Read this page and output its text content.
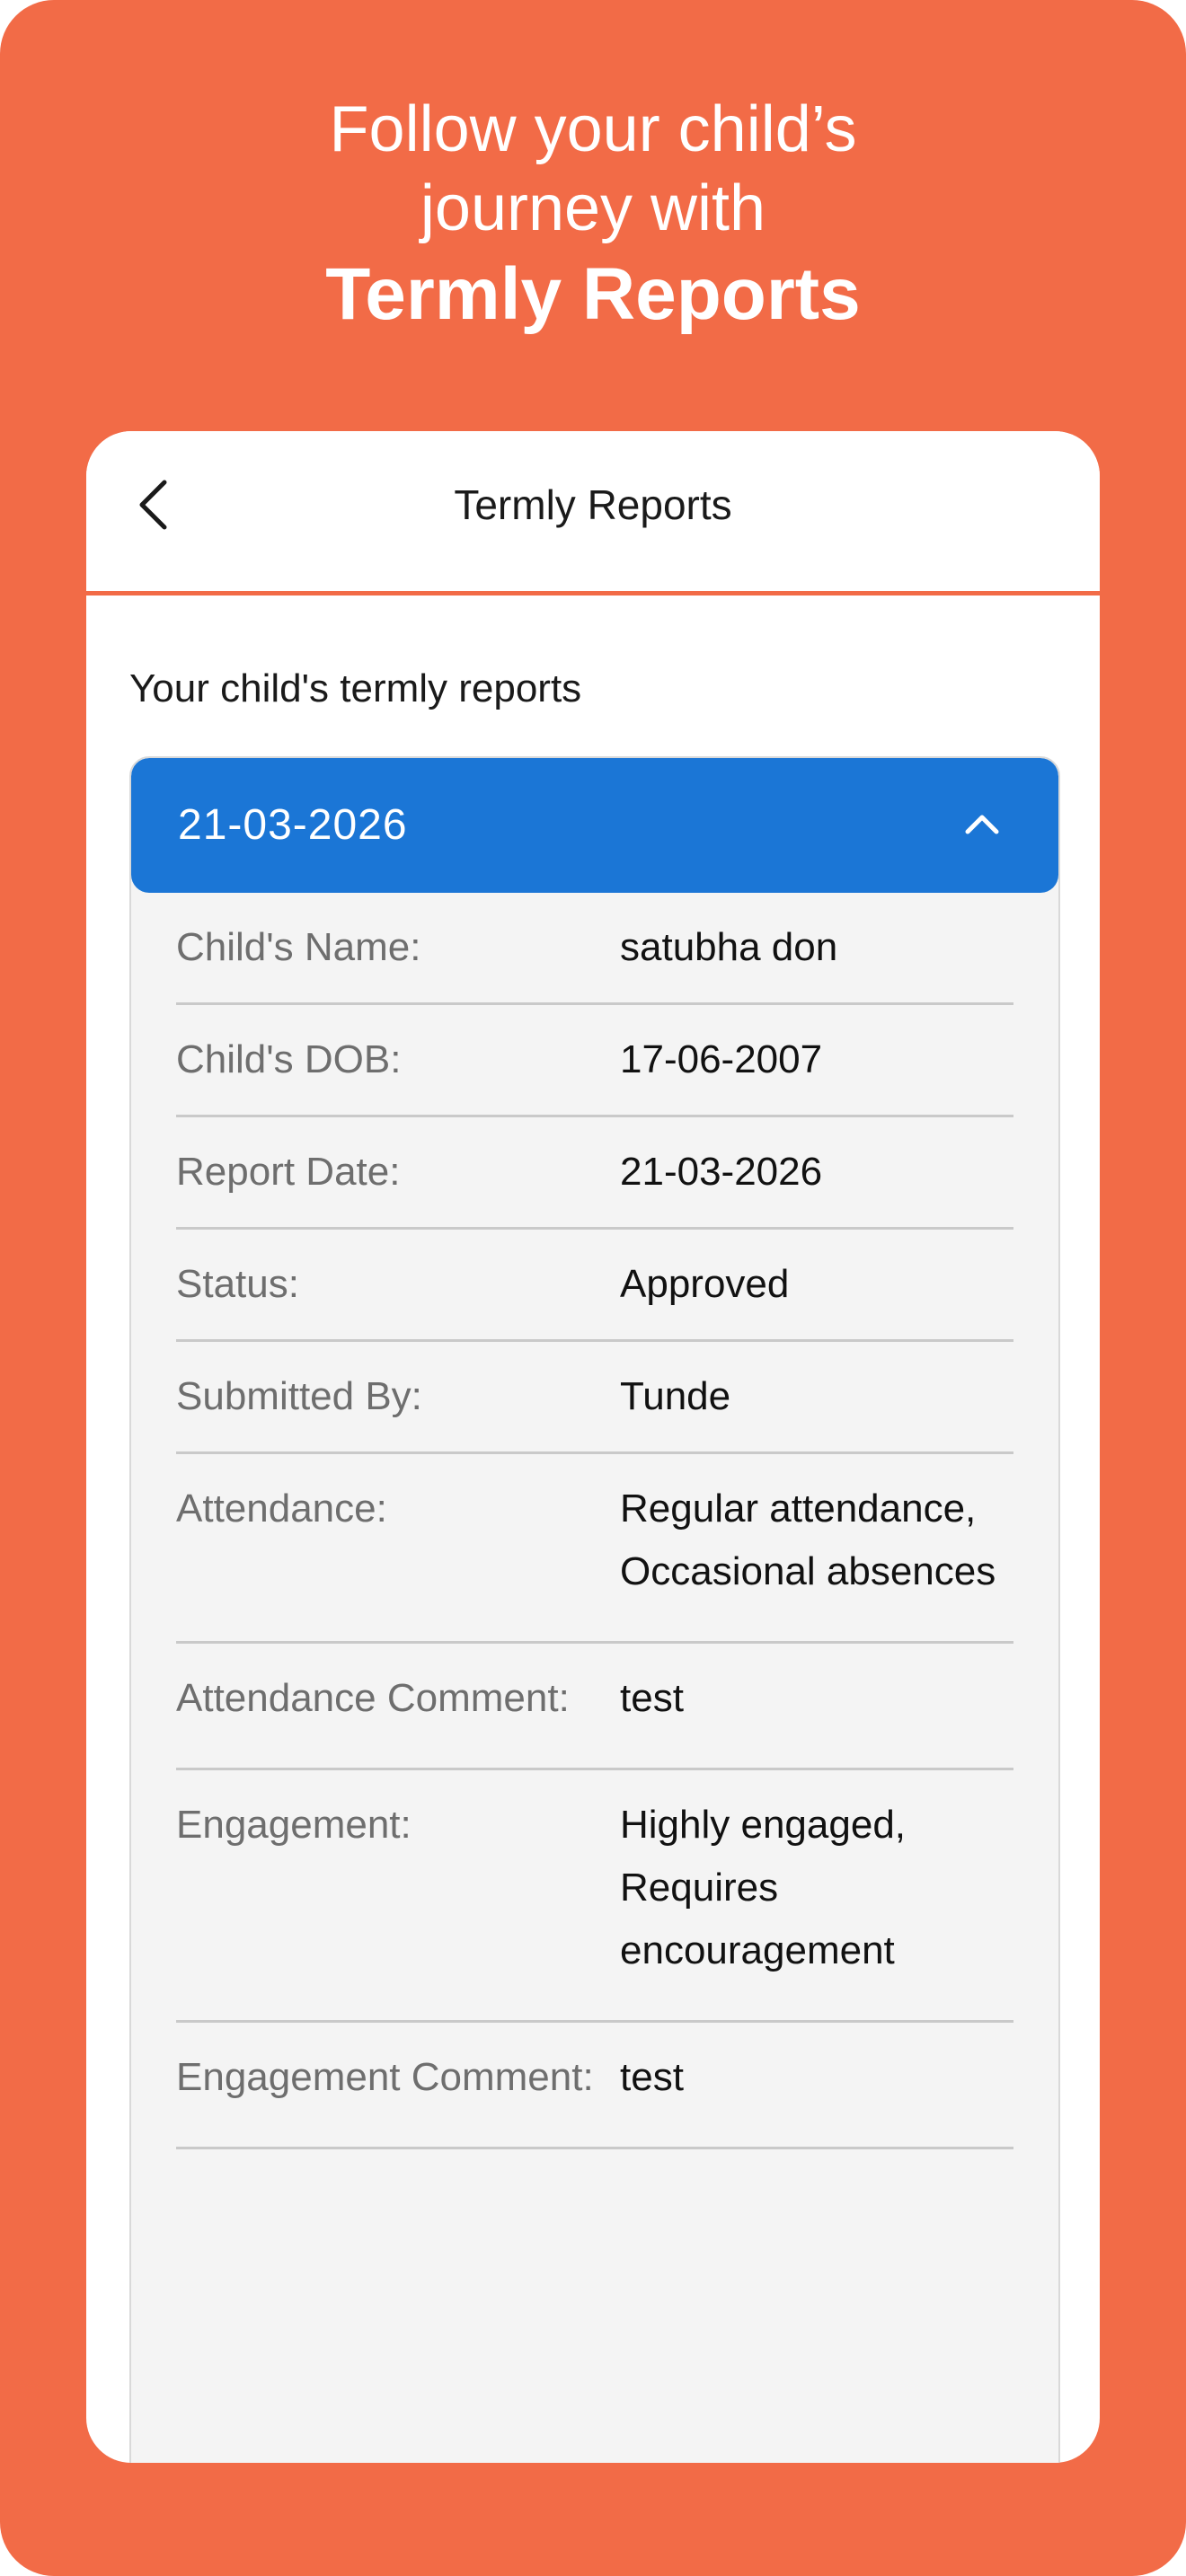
Follow your child’s
journey with
Termly Reports
Termly Reports
Your child's termly reports
21-03-2026
Child's Name:	satubha don
Child's DOB:	17-06-2007
Report Date:	21-03-2026
Status:	Approved
Submitted By:	Tunde
Attendance:	Regular attendance, Occasional absences
Attendance Comment:	test
Engagement:	Highly engaged, Requires encouragement
Engagement Comment: test
